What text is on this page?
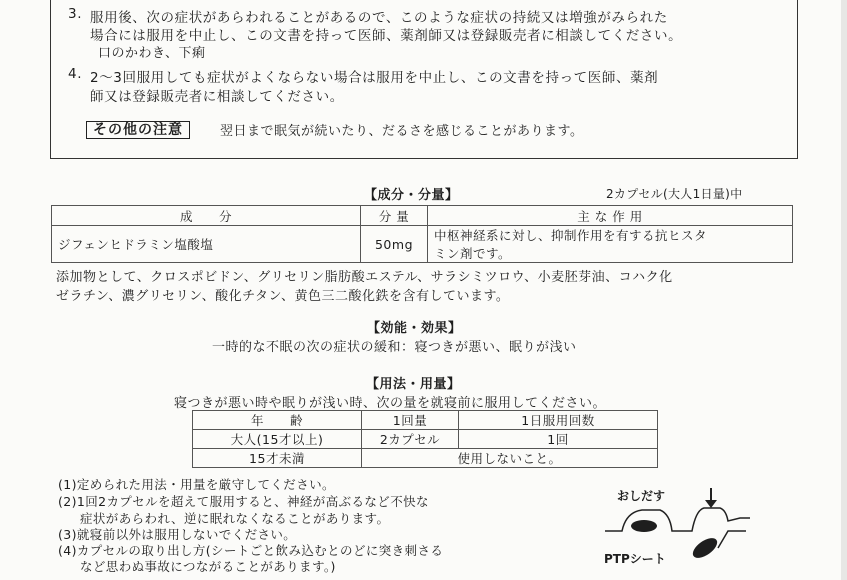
3. 服用後、次の症状があらわれることがあるので、このような症状の持続又は増強がみられた
場合には服用を中止し、この文書を持って医師、薬剤師又は登録販売者に相談してください。
口のかわき、下痢
4. 2～3回服用しても症状がよくならない場合は服用を中止し、この文書を持って医師、薬剤
師又は登録販売者に相談してください。
その他の注意	翌日まで眠気が続いたり、だるさを感じることがあります。
【成分・分量】	2カプセル(大人1日量)中
成　　分	分 量	主 な 作 用
ジフェンヒドラミン塩酸塩	50mg	中枢神経系に対し、抑制作用を有する抗ヒスタ
ミン剤です。
添加物として、クロスポビドン、グリセリン脂肪酸エステル、サラシミツロウ、小麦胚芽油、コハク化
ゼラチン、濃グリセリン、酸化チタン、黄色三二酸化鉄を含有しています。
【効能・効果】
一時的な不眠の次の症状の緩和：寝つきが悪い、眠りが浅い
【用法・用量】
寝つきが悪い時や眠りが浅い時、次の量を就寝前に服用してください。
年　　齢	1回量	1日服用回数
大人(15才以上)	2カプセル	1回
15才未満	使用しないこと。	
(1)定められた用法・用量を厳守してください。
(2)1回2カプセルを超えて服用すると、神経が高ぶるなど不快な
症状があらわれ、逆に眠れなくなることがあります。
(3)就寝前以外は服用しないでください。
(4)カプセルの取り出し方(シートごと飲み込むとのどに突き刺さる
など思わぬ事故につながることがあります。)
おしだす
PTPシート
